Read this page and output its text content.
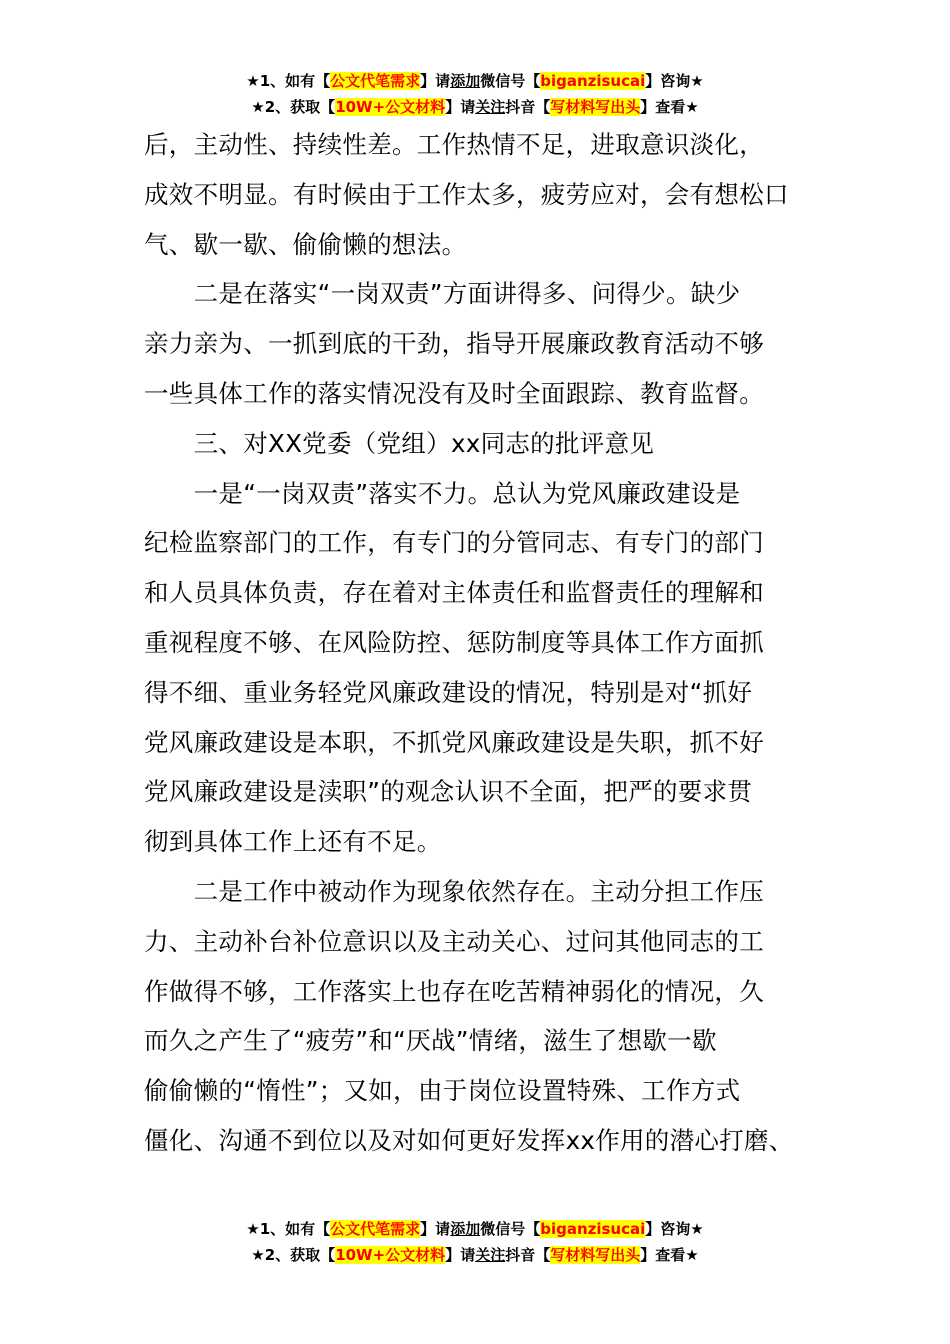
★1、如有【公文代笔需求】请添加微信号【biganzisucai】咨询★
★2、获取【10W+公文材料】请关注抖音【写材料写出头】查看★

后，主动性、持续性差。工作热情不足，进取意识淡化，

成效不明显。有时候由于工作太多，疲劳应对，会有想松口

气、歇一歇、偷偷懒的想法。

　　二是在落实“一岗双责”方面讲得多、问得少。缺少

亲力亲为、一抓到底的干劲，指导开展廉政教育活动不够

一些具体工作的落实情况没有及时全面跟踪、教育监督。

　　三、对XX党委（党组）xx同志的批评意见

　　一是“一岗双责”落实不力。总认为党风廉政建设是

纪检监察部门的工作，有专门的分管同志、有专门的部门

和人员具体负责，存在着对主体责任和监督责任的理解和

重视程度不够、在风险防控、惩防制度等具体工作方面抓

得不细、重业务轻党风廉政建设的情况，特别是对“抓好

党风廉政建设是本职，不抓党风廉政建设是失职，抓不好

党风廉政建设是渎职”的观念认识不全面，把严的要求贯

彻到具体工作上还有不足。

　　二是工作中被动作为现象依然存在。主动分担工作压

力、主动补台补位意识以及主动关心、过问其他同志的工

作做得不够，工作落实上也存在吃苦精神弱化的情况，久

而久之产生了“疲劳”和“厌战”情绪，滋生了想歇一歇

偷偷懒的“惰性”；又如，由于岗位设置特殊、工作方式

僵化、沟通不到位以及对如何更好发挥xx作用的潜心打磨、

★1、如有【公文代笔需求】请添加微信号【biganzisucai】咨询★
★2、获取【10W+公文材料】请关注抖音【写材料写出头】查看★
